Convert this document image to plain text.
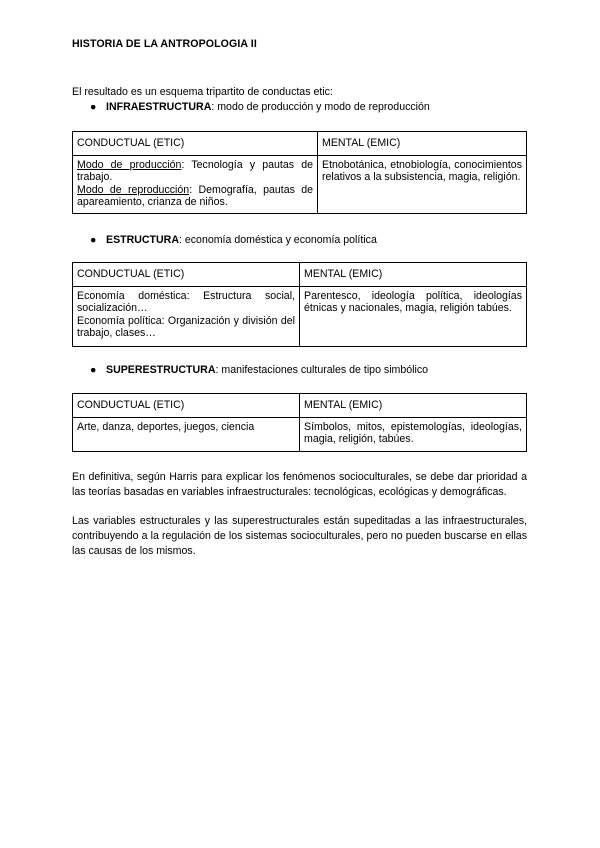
HISTORIA DE LA ANTROPOLOGIA II
El resultado es un esquema tripartito de conductas etic:
● INFRAESTRUCTURA: modo de producción y modo de reproducción
CONDUCTUAL (ETIC)	MENTAL (EMIC)
Modo de producción: Tecnología y pautas de trabajo.
Modo de reproducción: Demografía, pautas de apareamiento, crianza de niños.	Etnobotánica, etnobiología, conocimientos relativos a la subsistencia, magia, religión.
● ESTRUCTURA: economía doméstica y economía política
CONDUCTUAL (ETIC)	MENTAL (EMIC)
Economía doméstica: Estructura social, socialización…
Economía política: Organización y división del trabajo, clases…	Parentesco, ideología política, ideologías étnicas y nacionales, magia, religión tabúes.
● SUPERESTRUCTURA: manifestaciones culturales de tipo simbólico
CONDUCTUAL (ETIC)	MENTAL (EMIC)
Arte, danza, deportes, juegos, ciencia	Símbolos, mitos, epistemologías, ideologías, magia, religión, tabúes.
En definitiva, según Harris para explicar los fenómenos socioculturales, se debe dar prioridad a las teorías basadas en variables infraestructurales: tecnológicas, ecológicas y demográficas.
Las variables estructurales y las superestructurales están supeditadas a las infraestructurales, contribuyendo a la regulación de los sistemas socioculturales, pero no pueden buscarse en ellas las causas de los mismos.
